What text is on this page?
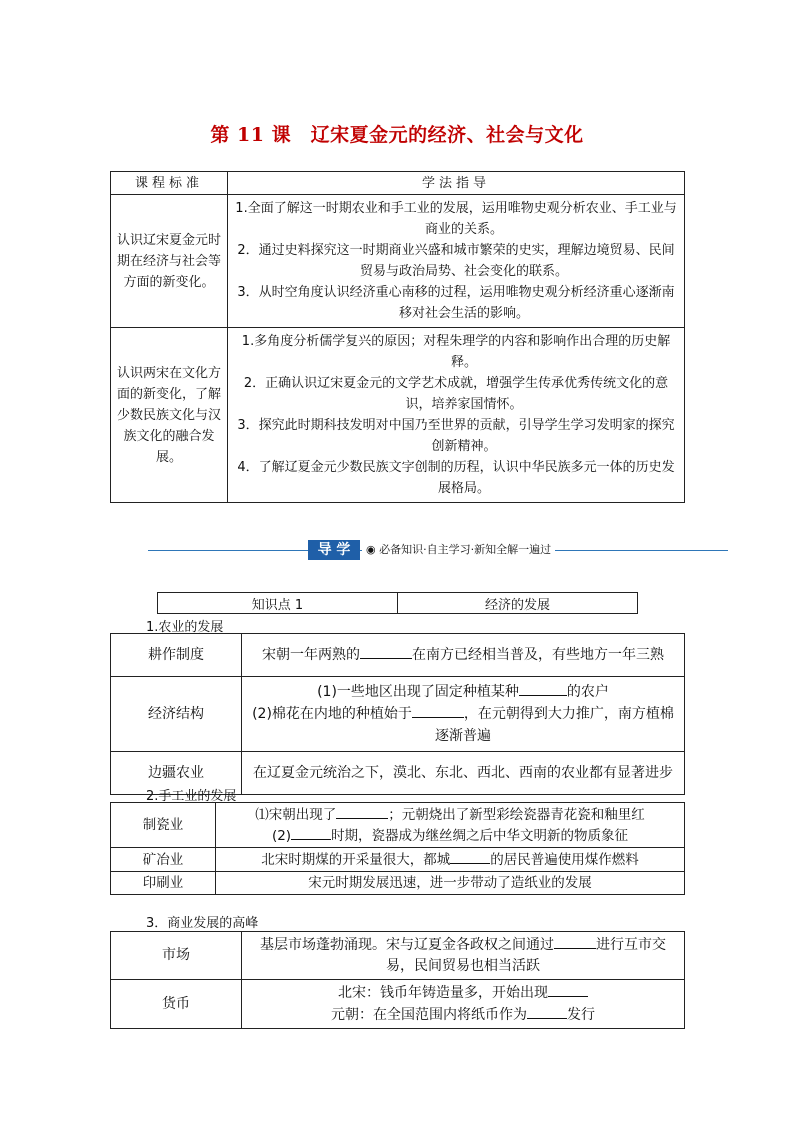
第 11 课　辽宋夏金元的经济、社会与文化
课程标准	学法指导
认识辽宋夏金元时期在经济与社会等方面的新变化。	1.全面了解这一时期农业和手工业的发展，运用唯物史观分析农业、手工业与商业的关系。

2．通过史料探究这一时期商业兴盛和城市繁荣的史实，理解边境贸易、民间贸易与政治局势、社会变化的联系。

3．从时空角度认识经济重心南移的过程，运用唯物史观分析经济重心逐渐南移对社会生活的影响。

认识两宋在文化方面的新变化，了解少数民族文化与汉族文化的融合发展。	1.多角度分析儒学复兴的原因；对程朱理学的内容和影响作出合理的历史解释。

2．正确认识辽宋夏金元的文学艺术成就，增强学生传承优秀传统文化的意识，培养家国情怀。

3．探究此时期科技发明对中国乃至世界的贡献，引导学生学习发明家的探究创新精神。

4．了解辽夏金元少数民族文字创制的历程，认识中华民族多元一体的历史发展格局。

导 学	◉ 必备知识·自主学习·新知全解一遍过
知识点 1	经济的发展
1.农业的发展
耕作制度	宋朝一年两熟的 在南方已经相当普及，有些地方一年三熟
经济结构	(1)一些地区出现了固定种植某种 的农户
(2)棉花在内地的种植始于 ，在元朝得到大力推广，南方植棉逐渐普遍

边疆农业	在辽夏金元统治之下，漠北、东北、西北、西南的农业都有显著进步
2.手工业的发展
制瓷业	⑴宋朝出现了 ；元朝烧出了新型彩绘瓷器青花瓷和釉里红
(2) 时期，瓷器成为继丝绸之后中华文明新的物质象征

矿冶业	北宋时期煤的开采量很大，都城 的居民普遍使用煤作燃料
印刷业	宋元时期发展迅速，进一步带动了造纸业的发展
3．商业发展的高峰
市场	基层市场蓬勃涌现。宋与辽夏金各政权之间通过 进行互市交易，民间贸易也相当活跃
货币	北宋：钱币年铸造量多，开始出现
元朝：在全国范围内将纸币作为 发行
